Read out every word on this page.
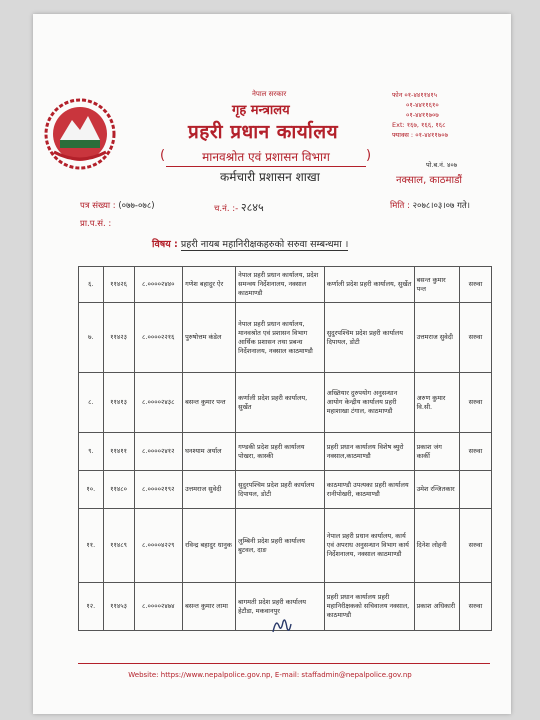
नेपाल सरकार
गृह मन्त्रालय
प्रहरी प्रधान कार्यालय
(	मानवश्रोत एवं प्रशासन विभाग	)
कर्मचारी प्रशासन शाखा
फोन ०१-४४११४१५
०१-४४११६१०
०१-४४११७०७
Ext: १६७, १६६, १६८
फ्याक्स : ०१-४४११७०७
पो.ब.नं. ४०७
नक्साल, काठमाडौं
पत्र संख्या : (०७७-०७८)	च.नं. :- २८४५	मिति : २०७८।०३।०७ गते।
प्रा.प.सं. :
विषय : प्रहरी नायब महानिरीक्षकहरुको सरुवा सम्बन्धमा ।
६.	११४२६	८.००००२४४०	गणेश बहादुर ऐर	नेपाल प्रहरी प्रधान कार्यालय, प्रदेश समन्वय निर्देशनालय, नक्साल काठमाण्डौ	कर्णाली प्रदेश प्रहरी कार्यालय, सुर्खेत	बसन्त कुमार पन्त	सरुवा
७.	११४२३	८.००००२२१६	पुरुषोत्तम कंडेल	नेपाल प्रहरी प्रधान कार्यालय, मानवश्रोत एवं प्रशासन विभाग आर्थिक प्रशासन तथा प्रबन्ध निर्देशनालय, नक्साल काठमाण्डौ	सुदुरपश्चिम प्रदेश प्रहरी कार्यालय दिपायल, डोटी	उत्तमराज सुवेदी	सरुवा
८.	११४१३	८.००००२४३८	बसन्त कुमार पन्त	कर्णाली प्रदेश प्रहरी कार्यालय, सुर्खेत	अख्तियार दुरुपयोग अनुसन्धान आयोग केन्द्रीय कार्यालय प्रहरी महाशाखा टंगाल, काठमाण्डौ	अरुण कुमार वि.सी.	सरुवा
९.	११४११	८.००००२४१२	घनश्याम अर्याल	गण्डकी प्रदेश प्रहरी कार्यालय पोखरा, कास्की	प्रहरी प्रधान कार्यालय विशेष ब्युरो नक्साल,काठमाण्डौ	प्रकाश जंग कार्की	सरुवा
१०.	११४८०	८.००००२१९२	उत्तमराज सुवेदी	सुदुरपश्चिम प्रदेश प्रहरी कार्यालय दिपायल, डोटी	काठमाण्डौ उपत्यका प्रहरी कार्यालय रानीपोखरी, काठमाण्डौ	उमेश रन्जितकार	
११.	११४८९	८.००००४२२९	रविन्द्र बहादुर धानुक	लुम्बिनी प्रदेश प्रहरी कार्यालय बुटवल, दाङ	नेपाल प्रहरी प्रधान कार्यालय, कार्य एवं अपराध अनुसन्धान विभाग कार्य निर्देशनालय, नक्साल काठमाण्डौ	दिनेश लोहनी	सरुवा
१२.	११४५३	८.००००२४७४	बसन्त कुमार लामा	बागमती प्रदेश प्रहरी कार्यालय हेटौडा, मकवानपुर	प्रहरी प्रधान कार्यालय प्रहरी महानिरीक्षकको सचिवालय नक्साल, काठमाण्डौ	प्रकाश अधिकारी	सरुवा
Website: https://www.nepalpolice.gov.np, E-mail: staffadmin@nepalpolice.gov.np
